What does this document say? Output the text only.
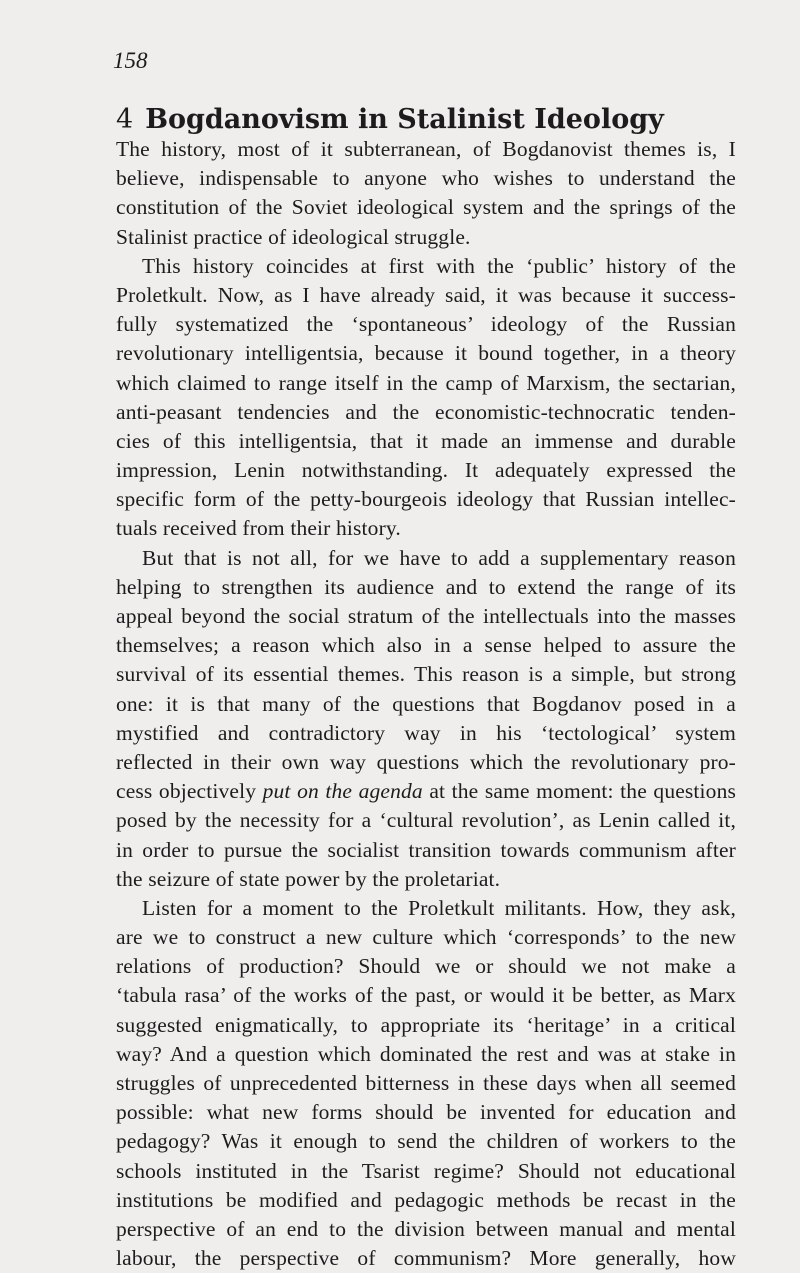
158
4 Bogdanovism in Stalinist Ideology
The history, most of it subterranean, of Bogdanovist themes is, I
believe, indispensable to anyone who wishes to understand the
constitution of the Soviet ideological system and the springs of the
Stalinist practice of ideological struggle.
This history coincides at first with the ‘public’ history of the
Proletkult. Now, as I have already said, it was because it success-
fully systematized the ‘spontaneous’ ideology of the Russian
revolutionary intelligentsia, because it bound together, in a theory
which claimed to range itself in the camp of Marxism, the sectarian,
anti-peasant tendencies and the economistic-technocratic tenden-
cies of this intelligentsia, that it made an immense and durable
impression, Lenin notwithstanding. It adequately expressed the
specific form of the petty-bourgeois ideology that Russian intellec-
tuals received from their history.
But that is not all, for we have to add a supplementary reason
helping to strengthen its audience and to extend the range of its
appeal beyond the social stratum of the intellectuals into the masses
themselves; a reason which also in a sense helped to assure the
survival of its essential themes. This reason is a simple, but strong
one: it is that many of the questions that Bogdanov posed in a
mystified and contradictory way in his ‘tectological’ system
reflected in their own way questions which the revolutionary pro-
cess objectively put on the agenda at the same moment: the questions
posed by the necessity for a ‘cultural revolution’, as Lenin called it,
in order to pursue the socialist transition towards communism after
the seizure of state power by the proletariat.
Listen for a moment to the Proletkult militants. How, they ask,
are we to construct a new culture which ‘corresponds’ to the new
relations of production? Should we or should we not make a
‘tabula rasa’ of the works of the past, or would it be better, as Marx
suggested enigmatically, to appropriate its ‘heritage’ in a critical
way? And a question which dominated the rest and was at stake in
struggles of unprecedented bitterness in these days when all seemed
possible: what new forms should be invented for education and
pedagogy? Was it enough to send the children of workers to the
schools instituted in the Tsarist regime? Should not educational
institutions be modified and pedagogic methods be recast in the
perspective of an end to the division between manual and mental
labour, the perspective of communism? More generally, how
